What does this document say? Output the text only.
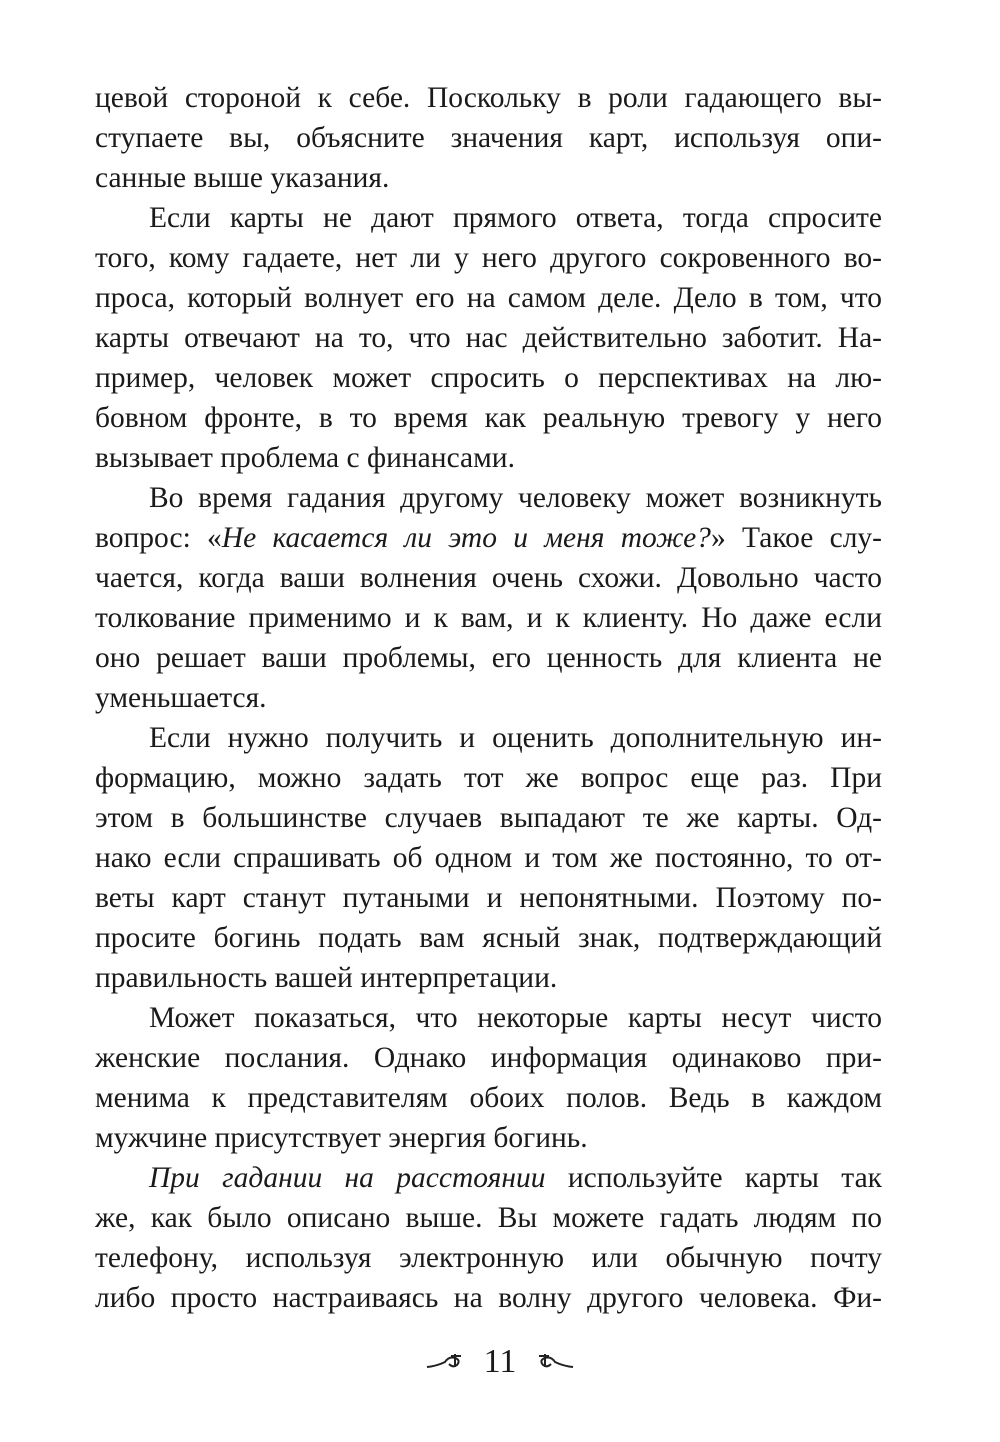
цевой стороной к себе. Поскольку в роли гадающего вы-
ступаете вы, объясните значения карт, используя опи-
санные выше указания.
Если карты не дают прямого ответа, тогда спросите
того, кому гадаете, нет ли у него другого сокровенного во-
проса, который волнует его на самом деле. Дело в том, что
карты отвечают на то, что нас действительно заботит. На-
пример, человек может спросить о перспективах на лю-
бовном фронте, в то время как реальную тревогу у него
вызывает проблема с финансами.
Во время гадания другому человеку может возникнуть
вопрос: «Не касается ли это и меня тоже?» Такое слу-
чается, когда ваши волнения очень схожи. Довольно часто
толкование применимо и к вам, и к клиенту. Но даже если
оно решает ваши проблемы, его ценность для клиента не
уменьшается.
Если нужно получить и оценить дополнительную ин-
формацию, можно задать тот же вопрос еще раз. При
этом в большинстве случаев выпадают те же карты. Од-
нако если спрашивать об одном и том же постоянно, то от-
веты карт станут путаными и непонятными. Поэтому по-
просите богинь подать вам ясный знак, подтверждающий
правильность вашей интерпретации.
Может показаться, что некоторые карты несут чисто
женские послания. Однако информация одинаково при-
менима к представителям обоих полов. Ведь в каждом
мужчине присутствует энергия богинь.
При гадании на расстоянии используйте карты так
же, как было описано выше. Вы можете гадать людям по
телефону, используя электронную или обычную почту
либо просто настраиваясь на волну другого человека. Фи-
11
